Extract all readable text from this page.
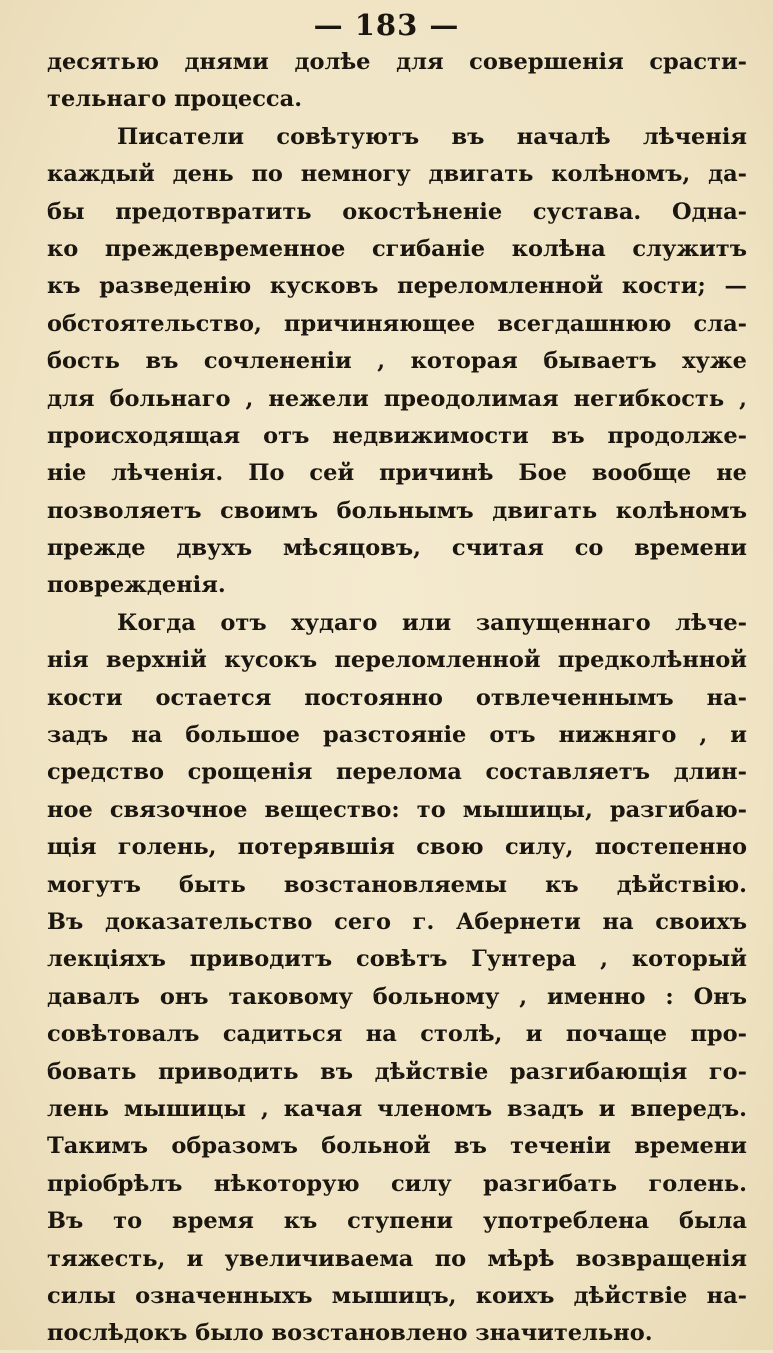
— 183 —
десятью днями долѣе для совершенія срасти-
тельнаго процесса.
Писатели совѣтуютъ въ началѣ лѣченія
каждый день по немногу двигать колѣномъ, да-
бы предотвратить окостѣненіе сустава. Одна-
ко преждевременное сгибаніе колѣна служитъ
къ разведенію кусковъ переломленной кости; —
обстоятельство, причиняющее всегдашнюю сла-
бость въ сочлененіи , которая бываетъ хуже
для больнаго , нежели преодолимая негибкость ,
происходящая отъ недвижимости въ продолже-
ніе лѣченія. По сей причинѣ Бое вообще не
позволяетъ своимъ больнымъ двигать колѣномъ
прежде двухъ мѣсяцовъ, считая со времени
поврежденія.
Когда отъ худаго или запущеннаго лѣче-
нія верхній кусокъ переломленной предколѣнной
кости остается постоянно отвлеченнымъ на-
задъ на большое разстояніе отъ нижняго , и
средство срощенія перелома составляетъ длин-
ное связочное вещество: то мышицы, разгибаю-
щія голень, потерявшія свою силу, постепенно
могутъ быть возстановляемы къ дѣйствію.
Въ доказательство сего г. Абернети на своихъ
лекціяхъ приводитъ совѣтъ Гунтера , который
давалъ онъ таковому больному , именно : Онъ
совѣтовалъ садиться на столѣ, и почаще про-
бовать приводить въ дѣйствіе разгибающія го-
лень мышицы , качая членомъ взадъ и впередъ.
Такимъ образомъ больной въ теченіи времени
пріобрѣлъ нѣкоторую силу разгибать голень.
Въ то время къ ступени употреблена была
тяжесть, и увеличиваема по мѣрѣ возвращенія
силы означенныхъ мышицъ, коихъ дѣйствіе на-
послѣдокъ было возстановлено значительно.
